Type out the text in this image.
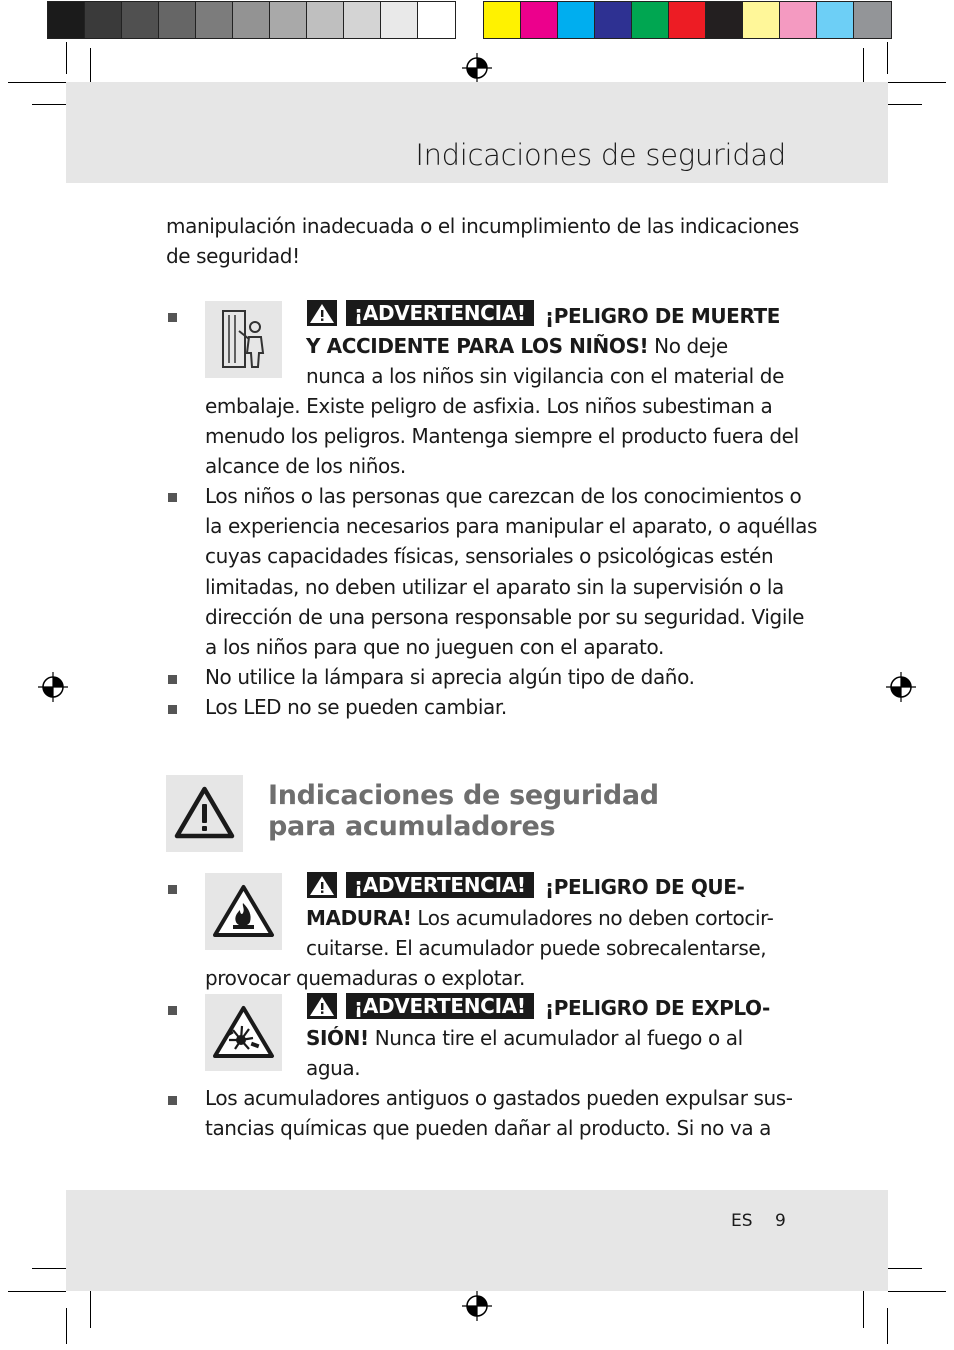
Indicaciones de seguridad
manipulación inadecuada o el incumplimiento de las indicaciones
de seguridad!
¡ADVERTENCIA! ¡PELIGRO DE MUERTE
Y ACCIDENTE PARA LOS NIÑOS! No deje
nunca a los niños sin vigilancia con el material de
embalaje. Existe peligro de asfixia. Los niños subestiman a
menudo los peligros. Mantenga siempre el producto fuera del
alcance de los niños.
Los niños o las personas que carezcan de los conocimientos o
la experiencia necesarios para manipular el aparato, o aquéllas
cuyas capacidades físicas, sensoriales o psicológicas estén
limitadas, no deben utilizar el aparato sin la supervisión o la
dirección de una persona responsable por su seguridad. Vigile
a los niños para que no jueguen con el aparato.
No utilice la lámpara si aprecia algún tipo de daño.
Los LED no se pueden cambiar.
Indicaciones de seguridad
para acumuladores
¡ADVERTENCIA! ¡PELIGRO DE QUE-
MADURA! Los acumuladores no deben cortocir-
cuitarse. El acumulador puede sobrecalentarse,
provocar quemaduras o explotar.
¡ADVERTENCIA! ¡PELIGRO DE EXPLO-
SIÓN! Nunca tire el acumulador al fuego o al
agua.
Los acumuladores antiguos o gastados pueden expulsar sus-
tancias químicas que pueden dañar al producto. Si no va a
ES 9
